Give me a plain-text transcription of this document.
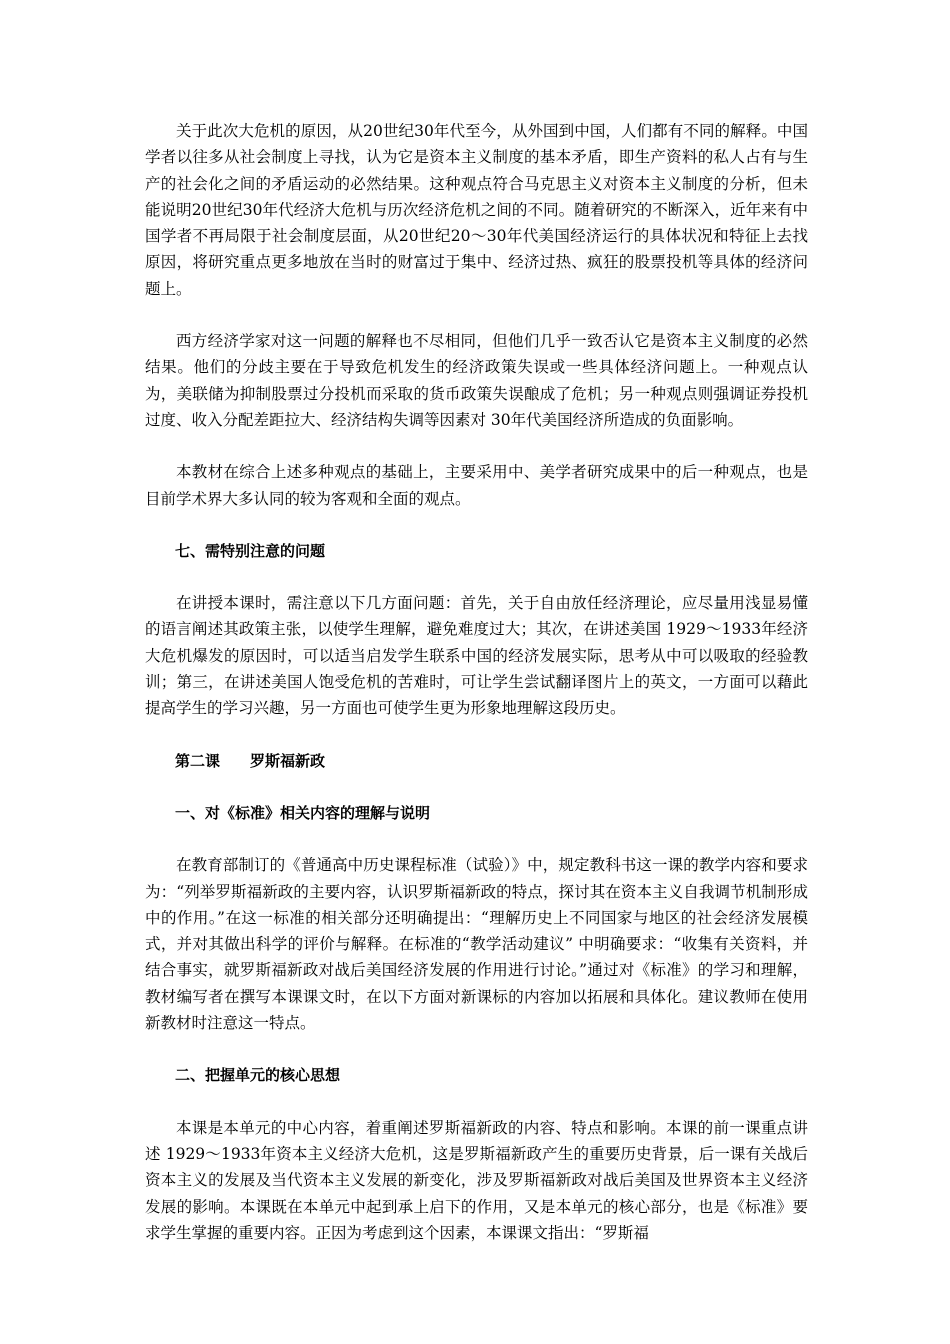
关于此次大危机的原因，从20世纪30年代至今，从外国到中国，人们都有不同的解释。中国学者以往多从社会制度上寻找，认为它是资本主义制度的基本矛盾，即生产资料的私人占有与生产的社会化之间的矛盾运动的必然结果。这种观点符合马克思主义对资本主义制度的分析，但未能说明20世纪30年代经济大危机与历次经济危机之间的不同。随着研究的不断深入，近年来有中国学者不再局限于社会制度层面，从20世纪20～30年代美国经济运行的具体状况和特征上去找原因，将研究重点更多地放在当时的财富过于集中、经济过热、疯狂的股票投机等具体的经济问题上。

西方经济学家对这一问题的解释也不尽相同，但他们几乎一致否认它是资本主义制度的必然结果。他们的分歧主要在于导致危机发生的经济政策失误或一些具体经济问题上。一种观点认为，美联储为抑制股票过分投机而采取的货币政策失误酿成了危机；另一种观点则强调证券投机过度、收入分配差距拉大、经济结构失调等因素对 30年代美国经济所造成的负面影响。

本教材在综合上述多种观点的基础上，主要采用中、美学者研究成果中的后一种观点，也是目前学术界大多认同的较为客观和全面的观点。

七、需特别注意的问题

在讲授本课时，需注意以下几方面问题：首先，关于自由放任经济理论，应尽量用浅显易懂的语言阐述其政策主张，以使学生理解，避免难度过大；其次，在讲述美国 1929～1933年经济大危机爆发的原因时，可以适当启发学生联系中国的经济发展实际，思考从中可以吸取的经验教训；第三，在讲述美国人饱受危机的苦难时，可让学生尝试翻译图片上的英文，一方面可以藉此提高学生的学习兴趣，另一方面也可使学生更为形象地理解这段历史。

第二课 罗斯福新政

一、对《标准》相关内容的理解与说明

在教育部制订的《普通高中历史课程标准（试验）》中，规定教科书这一课的教学内容和要求为：“列举罗斯福新政的主要内容，认识罗斯福新政的特点，探讨其在资本主义自我调节机制形成中的作用。”在这一标准的相关部分还明确提出：“理解历史上不同国家与地区的社会经济发展模式，并对其做出科学的评价与解释。在标准的“教学活动建议” 中明确要求：“收集有关资料，并结合事实，就罗斯福新政对战后美国经济发展的作用进行讨论。”通过对《标准》的学习和理解，教材编写者在撰写本课课文时，在以下方面对新课标的内容加以拓展和具体化。建议教师在使用新教材时注意这一特点。

二、把握单元的核心思想

本课是本单元的中心内容，着重阐述罗斯福新政的内容、特点和影响。本课的前一课重点讲述 1929～1933年资本主义经济大危机，这是罗斯福新政产生的重要历史背景，后一课有关战后资本主义的发展及当代资本主义发展的新变化，涉及罗斯福新政对战后美国及世界资本主义经济发展的影响。本课既在本单元中起到承上启下的作用，又是本单元的核心部分，也是《标准》要求学生掌握的重要内容。正因为考虑到这个因素，本课课文指出：“罗斯福
